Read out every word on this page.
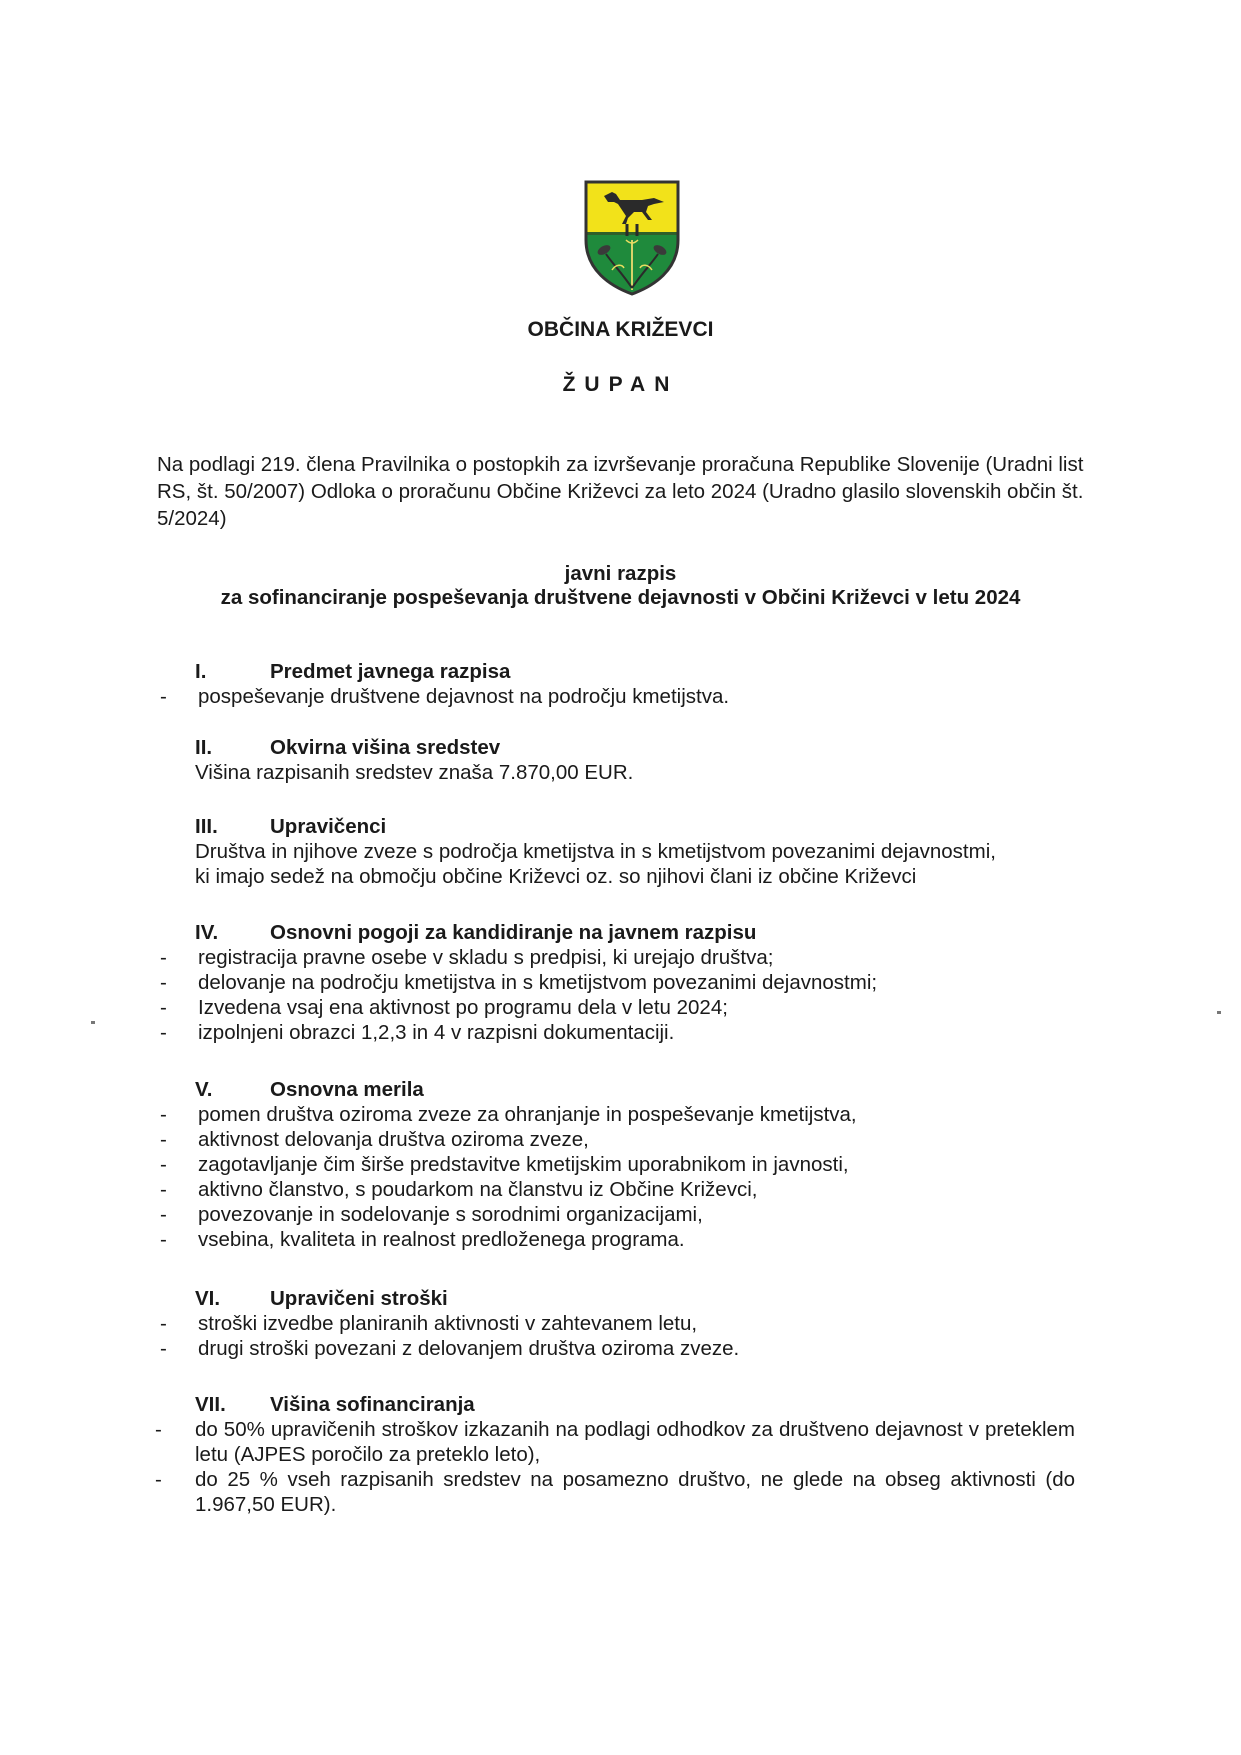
OBČINA KRIŽEVCI
ŽUPAN
Na podlagi 219. člena Pravilnika o postopkih za izvrševanje proračuna Republike Slovenije (Uradni list RS, št. 50/2007) Odloka o proračunu Občine Križevci za leto 2024 (Uradno glasilo slovenskih občin št. 5/2024)
javni razpis
za sofinanciranje pospeševanja društvene dejavnosti v Občini Križevci v letu 2024
I.	Predmet javnega razpisa
-	pospeševanje društvene dejavnost na področju kmetijstva.
II.	Okvirna višina sredstev
Višina razpisanih sredstev znaša 7.870,00 EUR.
III.	Upravičenci
Društva in njihove zveze s področja kmetijstva in s kmetijstvom povezanimi dejavnostmi,
ki imajo sedež na območju občine Križevci oz. so njihovi člani iz občine Križevci
IV.	Osnovni pogoji za kandidiranje na javnem razpisu
-	registracija pravne osebe v skladu s predpisi, ki urejajo društva;
-	delovanje na področju kmetijstva in s kmetijstvom povezanimi dejavnostmi;
-	Izvedena vsaj ena aktivnost po programu dela v letu 2024;
-	izpolnjeni obrazci 1,2,3 in 4 v razpisni dokumentaciji.
V.	Osnovna merila
-	pomen društva oziroma zveze za ohranjanje in pospeševanje kmetijstva,
-	aktivnost delovanja društva oziroma zveze,
-	zagotavljanje čim širše predstavitve kmetijskim uporabnikom in javnosti,
-	aktivno članstvo, s poudarkom na članstvu iz Občine Križevci,
-	povezovanje in sodelovanje s sorodnimi organizacijami,
-	vsebina, kvaliteta in realnost predloženega programa.
VI.	Upravičeni stroški
-	stroški izvedbe planiranih aktivnosti v zahtevanem letu,
-	drugi stroški povezani z delovanjem društva oziroma zveze.
VII.	Višina sofinanciranja
-	do 50% upravičenih stroškov izkazanih na podlagi odhodkov za društveno dejavnost v preteklem letu (AJPES poročilo za preteklo leto),
-	do 25 % vseh razpisanih sredstev na posamezno društvo, ne glede na obseg aktivnosti (do 1.967,50 EUR).
